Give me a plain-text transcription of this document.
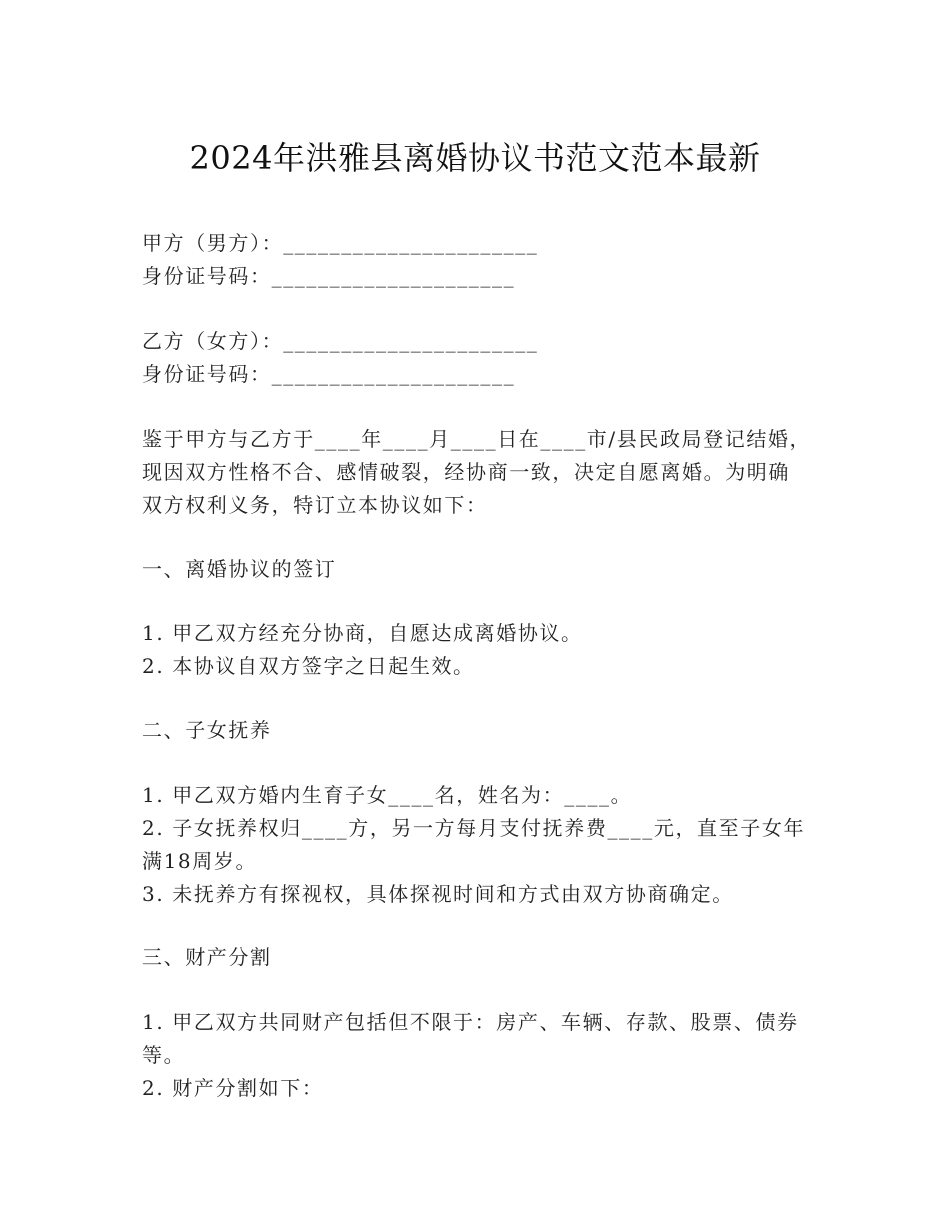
2024年洪雅县离婚协议书范文范本最新
甲方（男方）：______________________
身份证号码：_____________________
乙方（女方）：______________________
身份证号码：_____________________
鉴于甲方与乙方于____年____月____日在____市/县民政局登记结婚，
现因双方性格不合、感情破裂，经协商一致，决定自愿离婚。为明确
双方权利义务，特订立本协议如下：
一、离婚协议的签订
1. 甲乙双方经充分协商，自愿达成离婚协议。
2. 本协议自双方签字之日起生效。
二、子女抚养
1. 甲乙双方婚内生育子女____名，姓名为：____。
2. 子女抚养权归____方，另一方每月支付抚养费____元，直至子女年
满18周岁。
3. 未抚养方有探视权，具体探视时间和方式由双方协商确定。
三、财产分割
1. 甲乙双方共同财产包括但不限于：房产、车辆、存款、股票、债券
等。
2. 财产分割如下：
